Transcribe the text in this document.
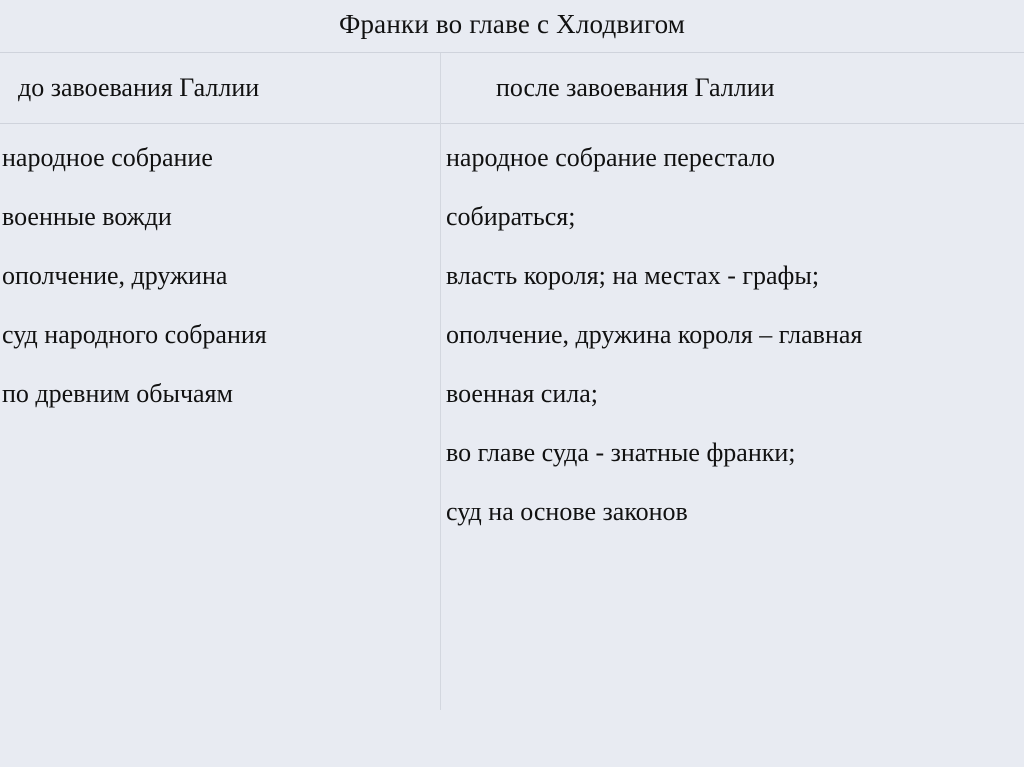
Франки во главе с Хлодвигом
до завоевания Галлии	после завоевания Галлии
народное собрание
военные вожди
ополчение, дружина
суд народного собрания
по древним обычаям
народное собрание перестало
собираться;
власть короля; на местах - графы;
ополчение, дружина короля – главная
военная сила;
во главе суда - знатные франки;
суд на основе законов
